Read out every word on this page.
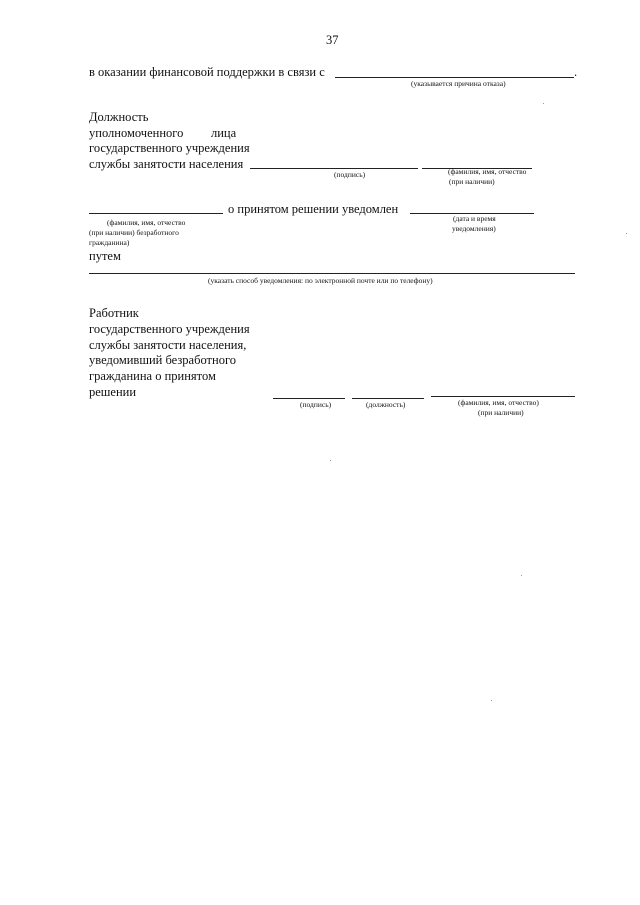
37
в оказании финансовой поддержки в связи с	.
(указывается причина отказа)
Должность
уполномоченного лица
государственного учреждения
службы занятости населения
(подпись)	(фамилия, имя, отчество
(при наличии)
о принятом решении уведомлен
(фамилия, имя, отчество
(при наличии) безработного
гражданина)
(дата и время
уведомления)
путем
(указать способ уведомления: по электронной почте или по телефону)
Работник
государственного учреждения
службы занятости населения,
уведомивший безработного
гражданина о принятом
решении
(подпись)	(должность)	(фамилия, имя, отчество)
(при наличии)
